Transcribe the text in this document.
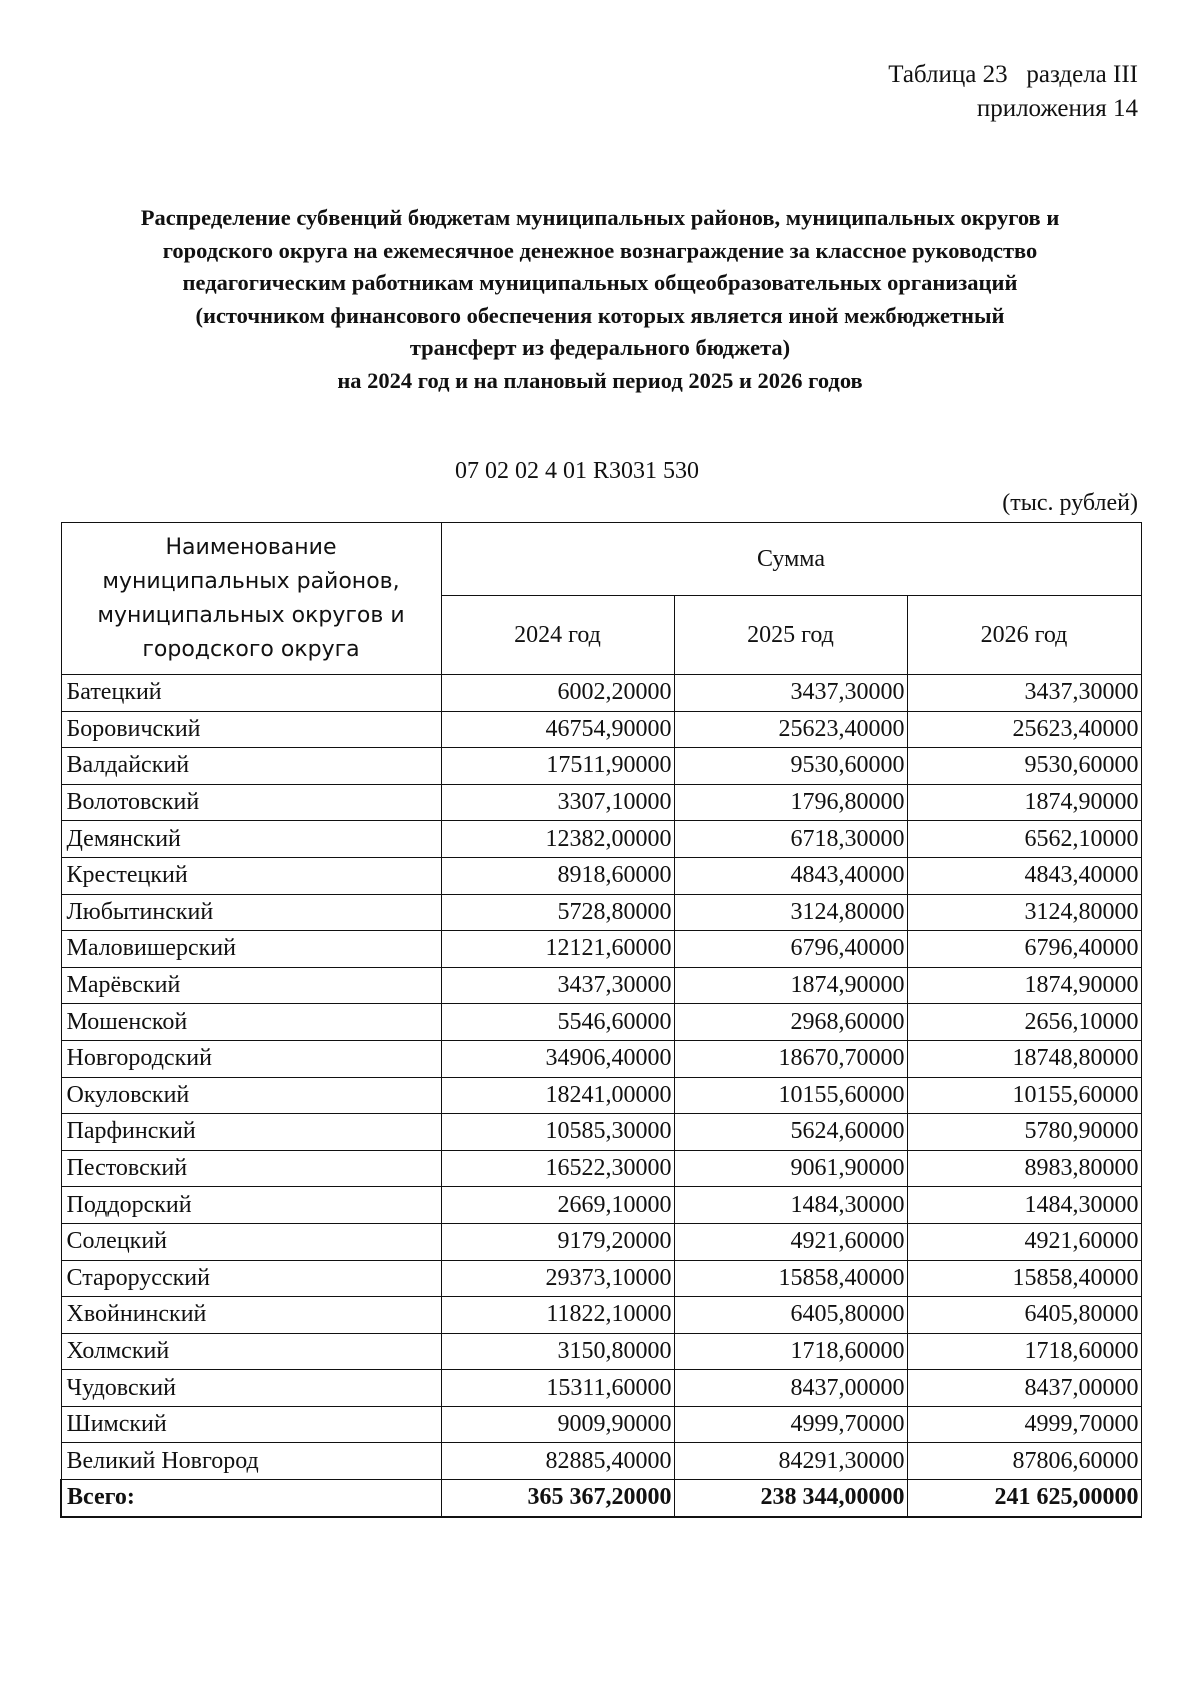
Таблица 23 раздела III
приложения 14
Распределение субвенций бюджетам муниципальных районов, муниципальных округов и
городского округа на ежемесячное денежное вознаграждение за классное руководство
педагогическим работникам муниципальных общеобразовательных организаций
(источником финансового обеспечения которых является иной межбюджетный
трансферт из федерального бюджета)
на 2024 год и на плановый период 2025 и 2026 годов
07 02 02 4 01 R3031 530
(тыс. рублей)
Наименование
муниципальных районов,
муниципальных округов и
городского округа	Сумма		
	2024 год	2025 год	2026 год
Батецкий	6002,20000	3437,30000	3437,30000
Боровичский	46754,90000	25623,40000	25623,40000
Валдайский	17511,90000	9530,60000	9530,60000
Волотовский	3307,10000	1796,80000	1874,90000
Демянский	12382,00000	6718,30000	6562,10000
Крестецкий	8918,60000	4843,40000	4843,40000
Любытинский	5728,80000	3124,80000	3124,80000
Маловишерский	12121,60000	6796,40000	6796,40000
Марёвский	3437,30000	1874,90000	1874,90000
Мошенской	5546,60000	2968,60000	2656,10000
Новгородский	34906,40000	18670,70000	18748,80000
Окуловский	18241,00000	10155,60000	10155,60000
Парфинский	10585,30000	5624,60000	5780,90000
Пестовский	16522,30000	9061,90000	8983,80000
Поддорский	2669,10000	1484,30000	1484,30000
Солецкий	9179,20000	4921,60000	4921,60000
Старорусский	29373,10000	15858,40000	15858,40000
Хвойнинский	11822,10000	6405,80000	6405,80000
Холмский	3150,80000	1718,60000	1718,60000
Чудовский	15311,60000	8437,00000	8437,00000
Шимский	9009,90000	4999,70000	4999,70000
Великий Новгород	82885,40000	84291,30000	87806,60000
Всего:	365 367,20000	238 344,00000	241 625,00000
